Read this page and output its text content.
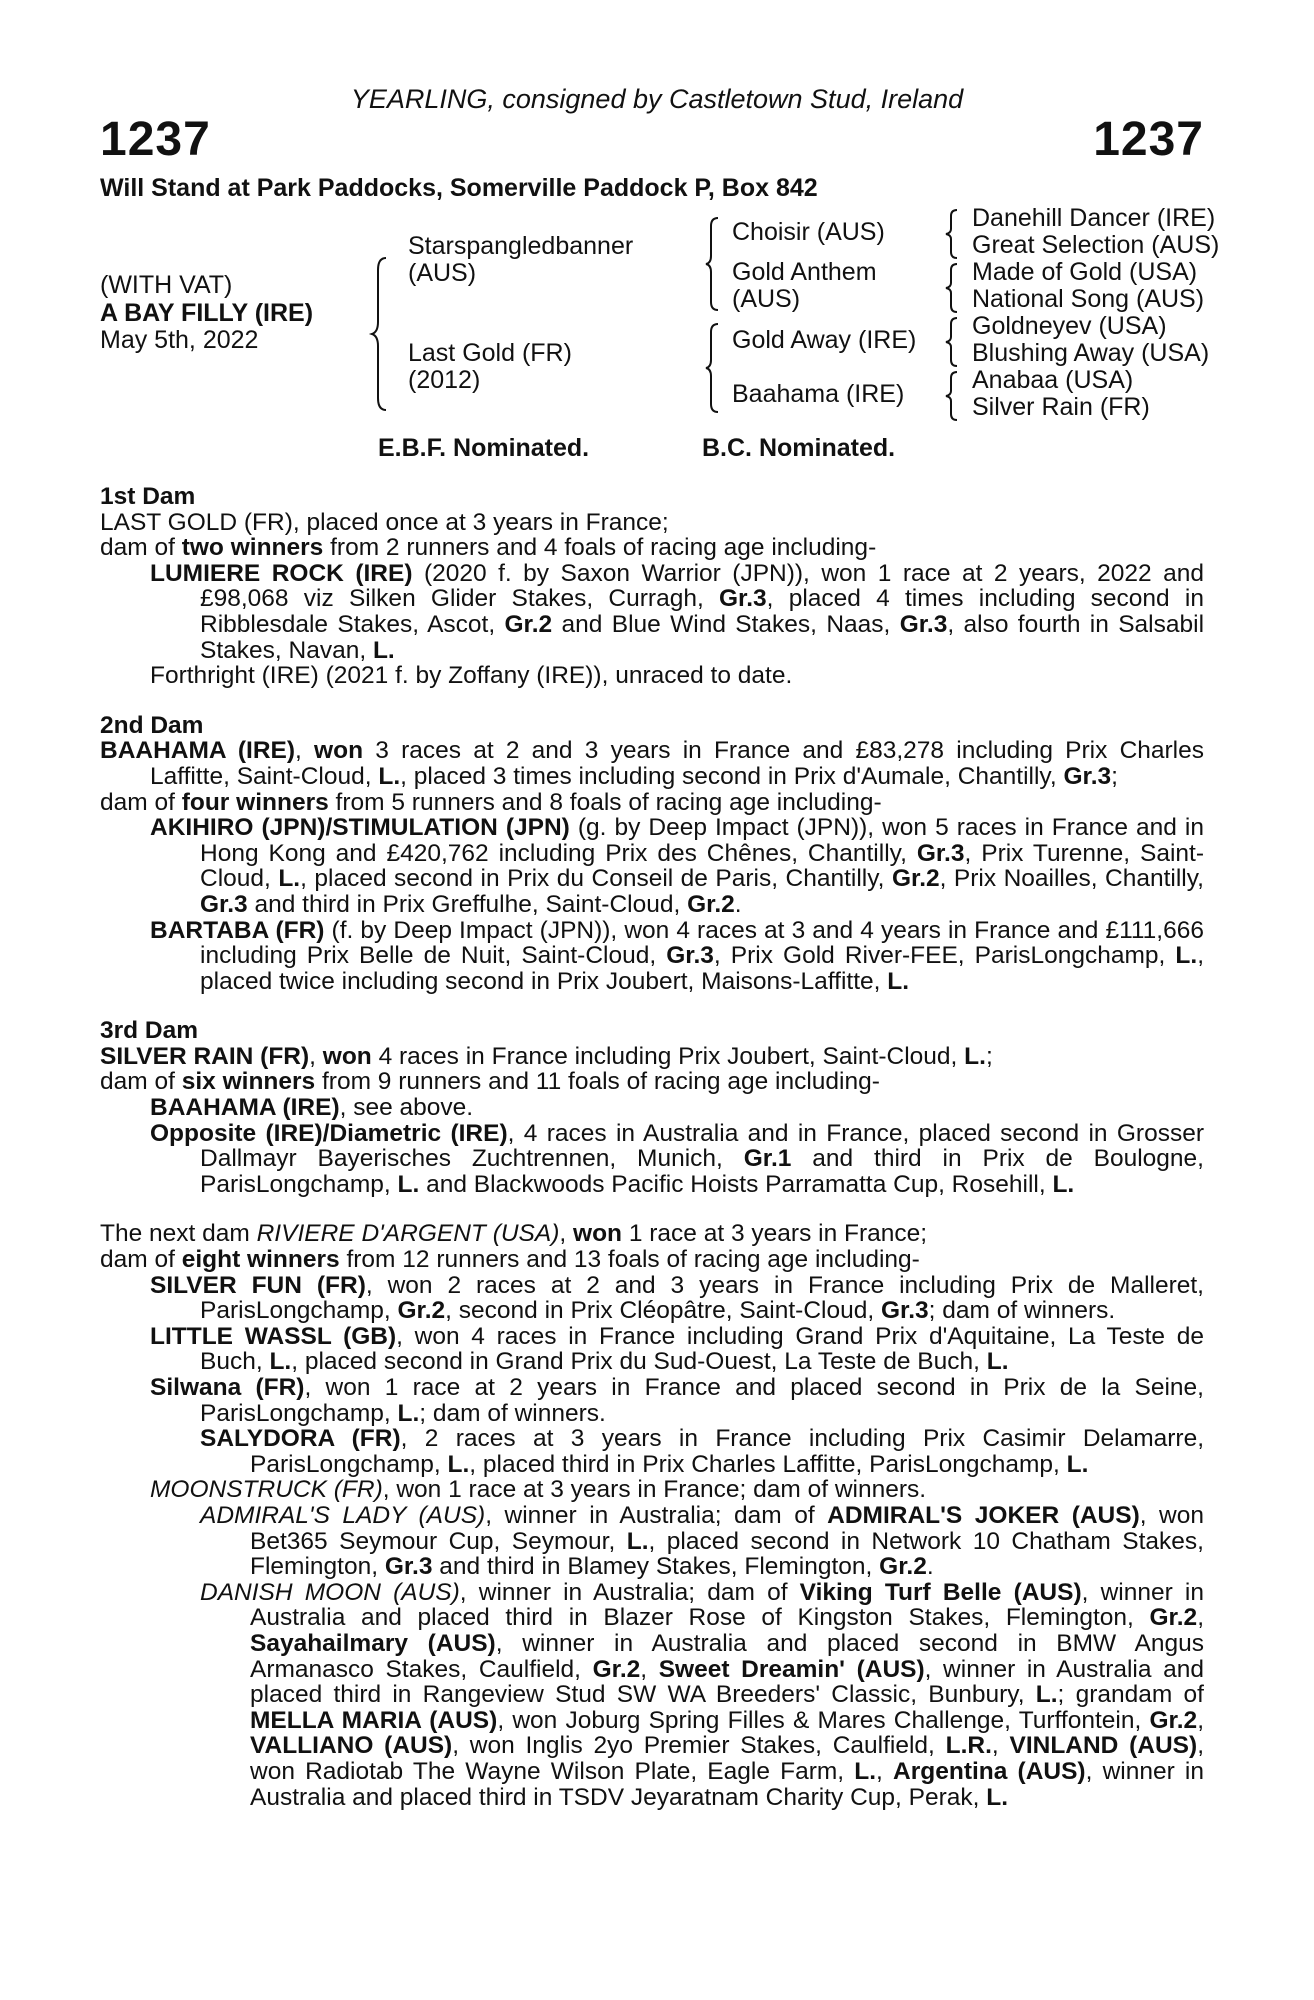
YEARLING, consigned by Castletown Stud, Ireland
1237	1237
Will Stand at Park Paddocks, Somerville Paddock P, Box 842
(WITH VAT)
A BAY FILLY (IRE)
May 5th, 2022
Starspangledbanner
(AUS)
Last Gold (FR)
(2012)
Choisir (AUS)
Gold Anthem
(AUS)
Gold Away (IRE)
Baahama (IRE)
Danehill Dancer (IRE)
Great Selection (AUS)
Made of Gold (USA)
National Song (AUS)
Goldneyev (USA)
Blushing Away (USA)
Anabaa (USA)
Silver Rain (FR)
E.B.F. Nominated.	B.C. Nominated.

1st Dam

LAST GOLD (FR), placed once at 3 years in France;

dam of two winners from 2 runners and 4 foals of racing age including-

LUMIERE ROCK (IRE) (2020 f. by Saxon Warrior (JPN)), won 1 race at 2 years, 2022 and £98,068 viz Silken Glider Stakes, Curragh, Gr.3, placed 4 times including second in Ribblesdale Stakes, Ascot, Gr.2 and Blue Wind Stakes, Naas, Gr.3, also fourth in Salsabil Stakes, Navan, L.

Forthright (IRE) (2021 f. by Zoffany (IRE)), unraced to date.

2nd Dam

BAAHAMA (IRE), won 3 races at 2 and 3 years in France and £83,278 including Prix Charles Laffitte, Saint-Cloud, L., placed 3 times including second in Prix d'Aumale, Chantilly, Gr.3;

dam of four winners from 5 runners and 8 foals of racing age including-

AKIHIRO (JPN)/STIMULATION (JPN) (g. by Deep Impact (JPN)), won 5 races in France and in Hong Kong and £420,762 including Prix des Chênes, Chantilly, Gr.3, Prix Turenne, Saint-Cloud, L., placed second in Prix du Conseil de Paris, Chantilly, Gr.2, Prix Noailles, Chantilly, Gr.3 and third in Prix Greffulhe, Saint-Cloud, Gr.2.

BARTABA (FR) (f. by Deep Impact (JPN)), won 4 races at 3 and 4 years in France and £111,666 including Prix Belle de Nuit, Saint-Cloud, Gr.3, Prix Gold River-FEE, ParisLongchamp, L., placed twice including second in Prix Joubert, Maisons-Laffitte, L.

3rd Dam

SILVER RAIN (FR), won 4 races in France including Prix Joubert, Saint-Cloud, L.;

dam of six winners from 9 runners and 11 foals of racing age including-

BAAHAMA (IRE), see above.

Opposite (IRE)/Diametric (IRE), 4 races in Australia and in France, placed second in Grosser Dallmayr Bayerisches Zuchtrennen, Munich, Gr.1 and third in Prix de Boulogne, ParisLongchamp, L. and Blackwoods Pacific Hoists Parramatta Cup, Rosehill, L.

The next dam RIVIERE D'ARGENT (USA), won 1 race at 3 years in France;

dam of eight winners from 12 runners and 13 foals of racing age including-

SILVER FUN (FR), won 2 races at 2 and 3 years in France including Prix de Malleret, ParisLongchamp, Gr.2, second in Prix Cléopâtre, Saint-Cloud, Gr.3; dam of winners.

LITTLE WASSL (GB), won 4 races in France including Grand Prix d'Aquitaine, La Teste de Buch, L., placed second in Grand Prix du Sud-Ouest, La Teste de Buch, L.

Silwana (FR), won 1 race at 2 years in France and placed second in Prix de la Seine, ParisLongchamp, L.; dam of winners.

SALYDORA (FR), 2 races at 3 years in France including Prix Casimir Delamarre, ParisLongchamp, L., placed third in Prix Charles Laffitte, ParisLongchamp, L.

MOONSTRUCK (FR), won 1 race at 3 years in France; dam of winners.

ADMIRAL'S LADY (AUS), winner in Australia; dam of ADMIRAL'S JOKER (AUS), won Bet365 Seymour Cup, Seymour, L., placed second in Network 10 Chatham Stakes, Flemington, Gr.3 and third in Blamey Stakes, Flemington, Gr.2.

DANISH MOON (AUS), winner in Australia; dam of Viking Turf Belle (AUS), winner in Australia and placed third in Blazer Rose of Kingston Stakes, Flemington, Gr.2, Sayahailmary (AUS), winner in Australia and placed second in BMW Angus Armanasco Stakes, Caulfield, Gr.2, Sweet Dreamin' (AUS), winner in Australia and placed third in Rangeview Stud SW WA Breeders' Classic, Bunbury, L.; grandam of MELLA MARIA (AUS), won Joburg Spring Filles & Mares Challenge, Turffontein, Gr.2, VALLIANO (AUS), won Inglis 2yo Premier Stakes, Caulfield, L.R., VINLAND (AUS), won Radiotab The Wayne Wilson Plate, Eagle Farm, L., Argentina (AUS), winner in Australia and placed third in TSDV Jeyaratnam Charity Cup, Perak, L.
